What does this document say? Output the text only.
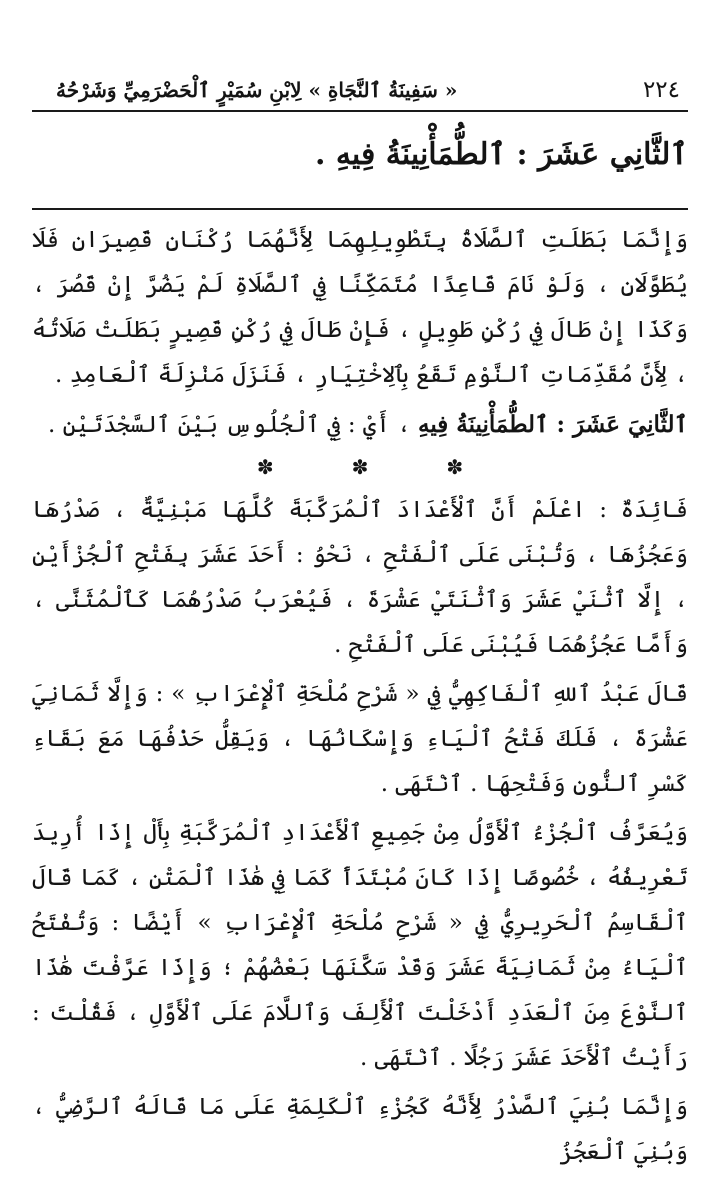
٢٢٤
« سَفِينَةُ ٱلنَّجَاةِ » لِابْنِ سُمَيْرٍ ٱلْحَضْرَمِيِّ وَشَرْحُهُ
ٱلثَّانِي عَشَرَ : ٱلطُّمَأْنِينَةُ فِيهِ .

وَإِنَّمَا بَطَلَتِ ٱلصَّلَاةُ بِتَطْوِيلِهِمَا لِأَنَّهُمَا رُكْنَانِ قَصِيرَانِ فَلَا يُطَوَّلَانِ ، وَلَوْ نَامَ قَاعِدًا مُتَمَكِّنًا فِي ٱلصَّلَاةِ لَمْ يَضُرَّ إِنْ قَصُرَ ، وَكَذَا إِنْ طَالَ فِي رُكْنٍ طَوِيلٍ ، فَإِنْ طَالَ فِي رُكْنٍ قَصِيرٍ بَطَلَتْ صَلَاتُهُ ، لِأَنَّ مُقَدِّمَاتِ ٱلنَّوْمِ تَقَعُ بِٱلِاخْتِيَارِ ، فَنَزَلَ مَنْزِلَةَ ٱلْعَامِدِ .

ٱلثَّانِيَ عَشَرَ : ٱلطُّمَأْنِينَةُ فِيهِ ، أَيْ : فِي ٱلْجُلُوسِ بَيْنَ ٱلسَّجْدَتَيْنِ .

✽	✽	✽

فَائِدَةٌ : اعْلَمْ أَنَّ ٱلْأَعْدَادَ ٱلْمُرَكَّبَةَ كُلَّهَا مَبْنِيَّةٌ ، صَدْرُهَا وَعَجُزُهَا ، وَتُبْنَى عَلَى ٱلْفَتْحِ ، نَحْوُ : أَحَدَ عَشَرَ بِفَتْحِ ٱلْجُزْأَيْنِ ، إِلَّا ٱثْنَيْ عَشَرَ وَٱثْنَتَيْ عَشْرَةَ ، فَيُعْرَبُ صَدْرُهُمَا كَٱلْمُثَنَّى ، وَأَمَّا عَجُزُهُمَا فَيُبْنَى عَلَى ٱلْفَتْحِ .

قَالَ عَبْدُ ٱللهِ ٱلْفَاكِهِيُّ فِي « شَرْحِ مُلْحَةِ ٱلْإِعْرَابِ » : وَإِلَّا ثَمَانِيَ عَشْرَةَ ، فَلَكَ فَتْحُ ٱلْيَاءِ وَإِسْكَانُهَا ، وَيَقِلُّ حَذْفُهَا مَعَ بَقَاءِ كَسْرِ ٱلنُّونِ وَفَتْحِهَا . ٱنْتَهَى .

وَيُعَرَّفُ ٱلْجُزْءُ ٱلْأَوَّلُ مِنْ جَمِيعِ ٱلْأَعْدَادِ ٱلْمُرَكَّبَةِ بِأَلْ إِذَا أُرِيدَ تَعْرِيفُهُ ، خُصُوصًا إِذَا كَانَ مُبْتَدَأً كَمَا فِي هَٰذَا ٱلْمَتْنِ ، كَمَا قَالَ ٱلْقَاسِمُ ٱلْحَرِيرِيُّ فِي « شَرْحِ مُلْحَةِ ٱلْإِعْرَابِ » أَيْضًا : وَتُفْتَحُ ٱلْيَاءُ مِنْ ثَمَانِيَةَ عَشَرَ وَقَدْ سَكَّنَهَا بَعْضُهُمْ ؛ وَإِذَا عَرَّفْتَ هَٰذَا ٱلنَّوْعَ مِنَ ٱلْعَدَدِ أَدْخَلْتَ ٱلْأَلِفَ وَٱللَّامَ عَلَى ٱلْأَوَّلِ ، فَقُلْتَ : رَأَيْتُ ٱلْأَحَدَ عَشَرَ رَجُلًا . ٱنْتَهَى .

وَإِنَّمَا بُنِيَ ٱلصَّدْرُ لِأَنَّهُ كَجُزْءِ ٱلْكَلِمَةِ عَلَى مَا قَالَهُ ٱلرَّضِيُّ ، وَبُنِيَ ٱلْعَجُزُ
